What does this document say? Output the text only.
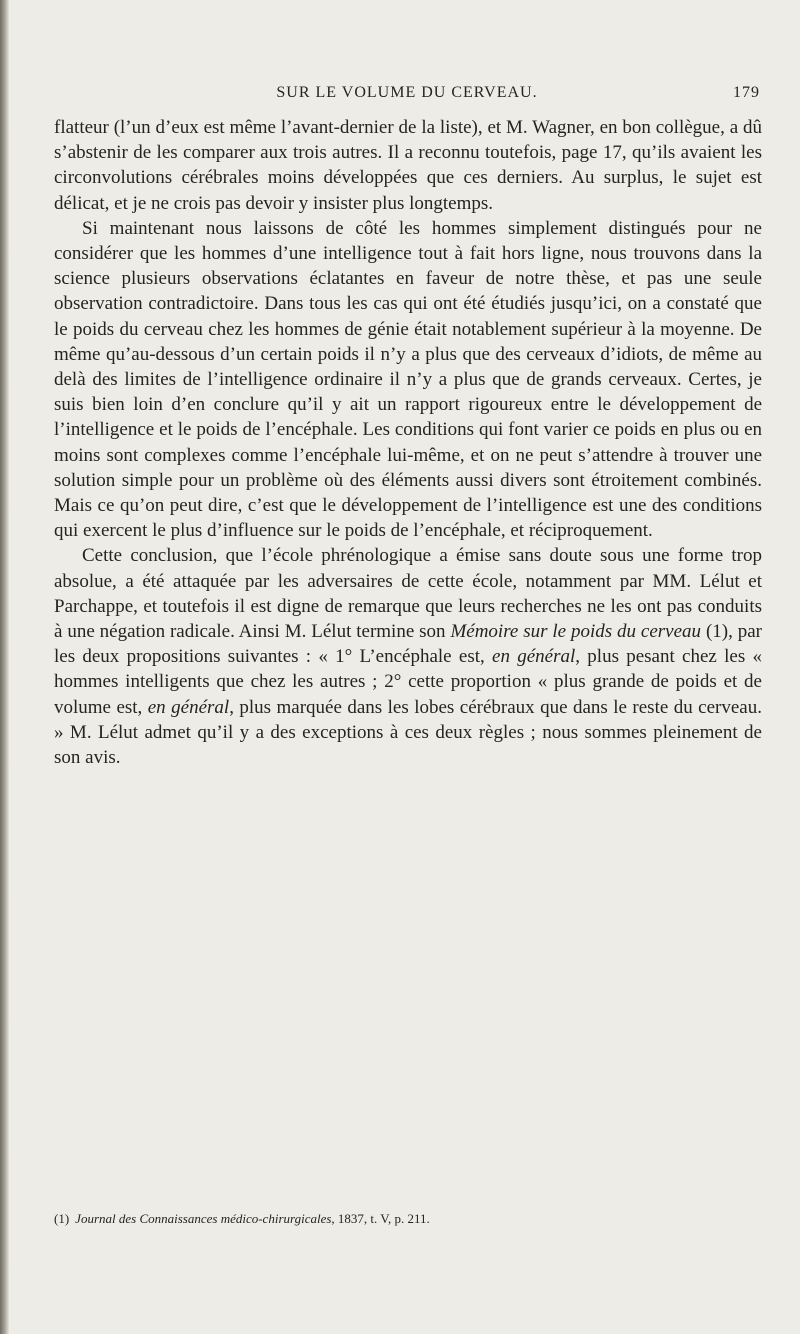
SUR LE VOLUME DU CERVEAU.	179

flatteur (l’un d’eux est même l’avant-dernier de la liste), et M. Wagner, en bon collègue, a dû s’abstenir de les comparer aux trois autres. Il a reconnu toutefois, page 17, qu’ils avaient les circonvolutions cérébrales moins développées que ces derniers. Au surplus, le sujet est délicat, et je ne crois pas devoir y insister plus longtemps.

Si maintenant nous laissons de côté les hommes simplement distingués pour ne considérer que les hommes d’une intelligence tout à fait hors ligne, nous trouvons dans la science plusieurs observations éclatantes en faveur de notre thèse, et pas une seule observation contradictoire. Dans tous les cas qui ont été étudiés jusqu’ici, on a constaté que le poids du cerveau chez les hommes de génie était notablement supérieur à la moyenne. De même qu’au-dessous d’un certain poids il n’y a plus que des cerveaux d’idiots, de même au delà des limites de l’intelligence ordinaire il n’y a plus que de grands cerveaux. Certes, je suis bien loin d’en conclure qu’il y ait un rapport rigoureux entre le développement de l’intelligence et le poids de l’encéphale. Les conditions qui font varier ce poids en plus ou en moins sont complexes comme l’encéphale lui-même, et on ne peut s’attendre à trouver une solution simple pour un problème où des éléments aussi divers sont étroitement combinés. Mais ce qu’on peut dire, c’est que le développement de l’intelligence est une des conditions qui exercent le plus d’influence sur le poids de l’encéphale, et réciproquement.

Cette conclusion, que l’école phrénologique a émise sans doute sous une forme trop absolue, a été attaquée par les adversaires de cette école, notamment par MM. Lélut et Parchappe, et toutefois il est digne de remarque que leurs recherches ne les ont pas conduits à une négation radicale. Ainsi M. Lélut termine son Mémoire sur le poids du cerveau (1), par les deux propositions suivantes : « 1° L’encéphale est, en général, plus pesant chez les « hommes intelligents que chez les autres ; 2° cette proportion « plus grande de poids et de volume est, en général, plus marquée dans les lobes cérébraux que dans le reste du cerveau. » M. Lélut admet qu’il y a des exceptions à ces deux règles ; nous sommes pleinement de son avis.

(1) Journal des Connaissances médico-chirurgicales, 1837, t. V, p. 211.
